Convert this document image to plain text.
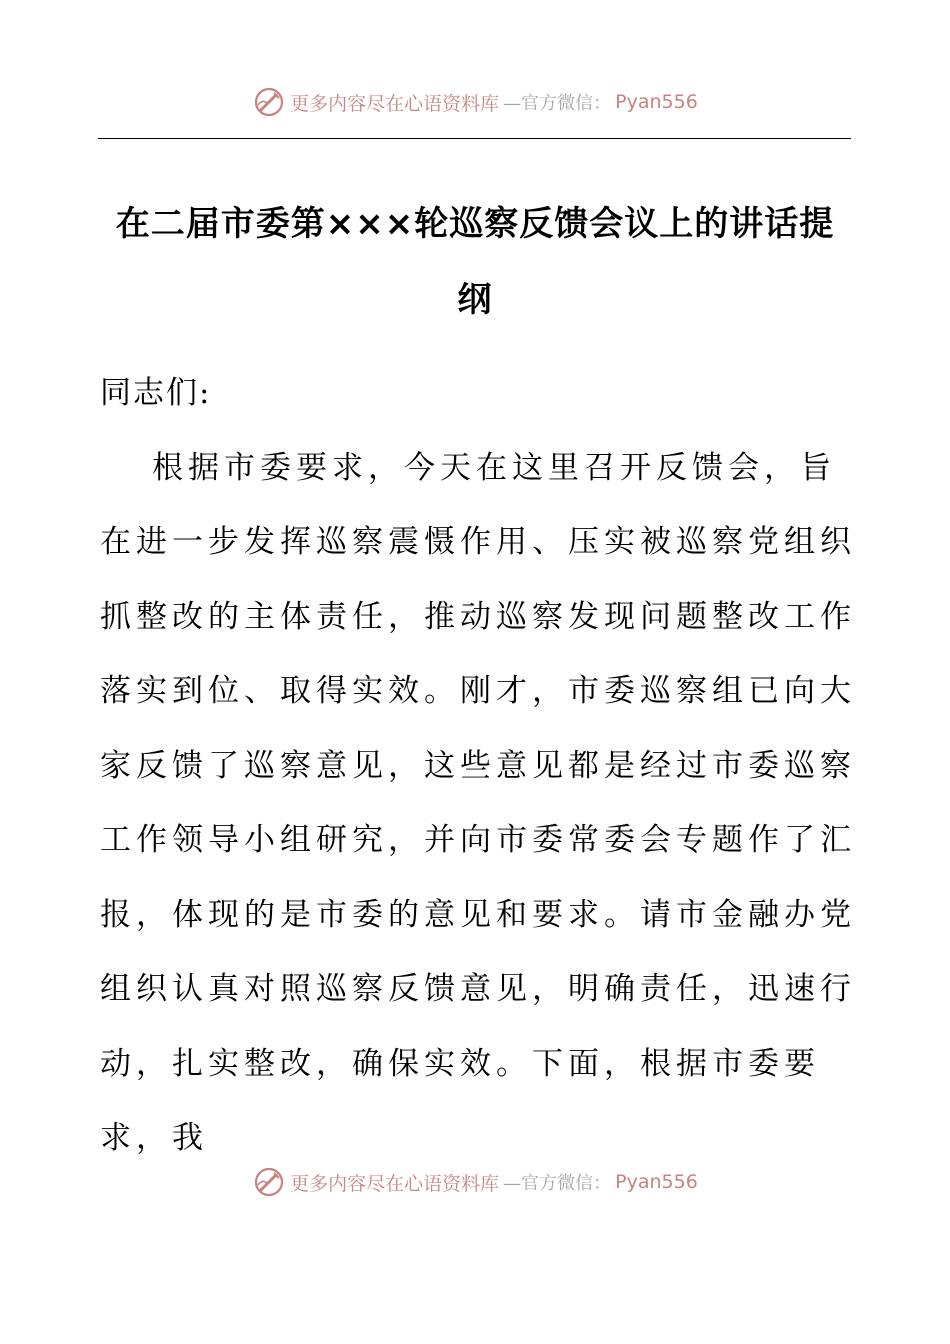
更多内容尽在心语资料库 —官方微信： Pyan556
在二届市委第×××轮巡察反馈会议上的讲话提纲

同志们:

根据市委要求，今天在这里召开反馈会，旨在进一步发挥巡察震慑作用、压实被巡察党组织抓整改的主体责任，推动巡察发现问题整改工作落实到位、取得实效。刚才，市委巡察组已向大家反馈了巡察意见，这些意见都是经过市委巡察工作领导小组研究，并向市委常委会专题作了汇报，体现的是市委的意见和要求。请市金融办党组织认真对照巡察反馈意见，明确责任，迅速行动，扎实整改，确保实效。下面，根据市委要求，我

更多内容尽在心语资料库 —官方微信： Pyan556
